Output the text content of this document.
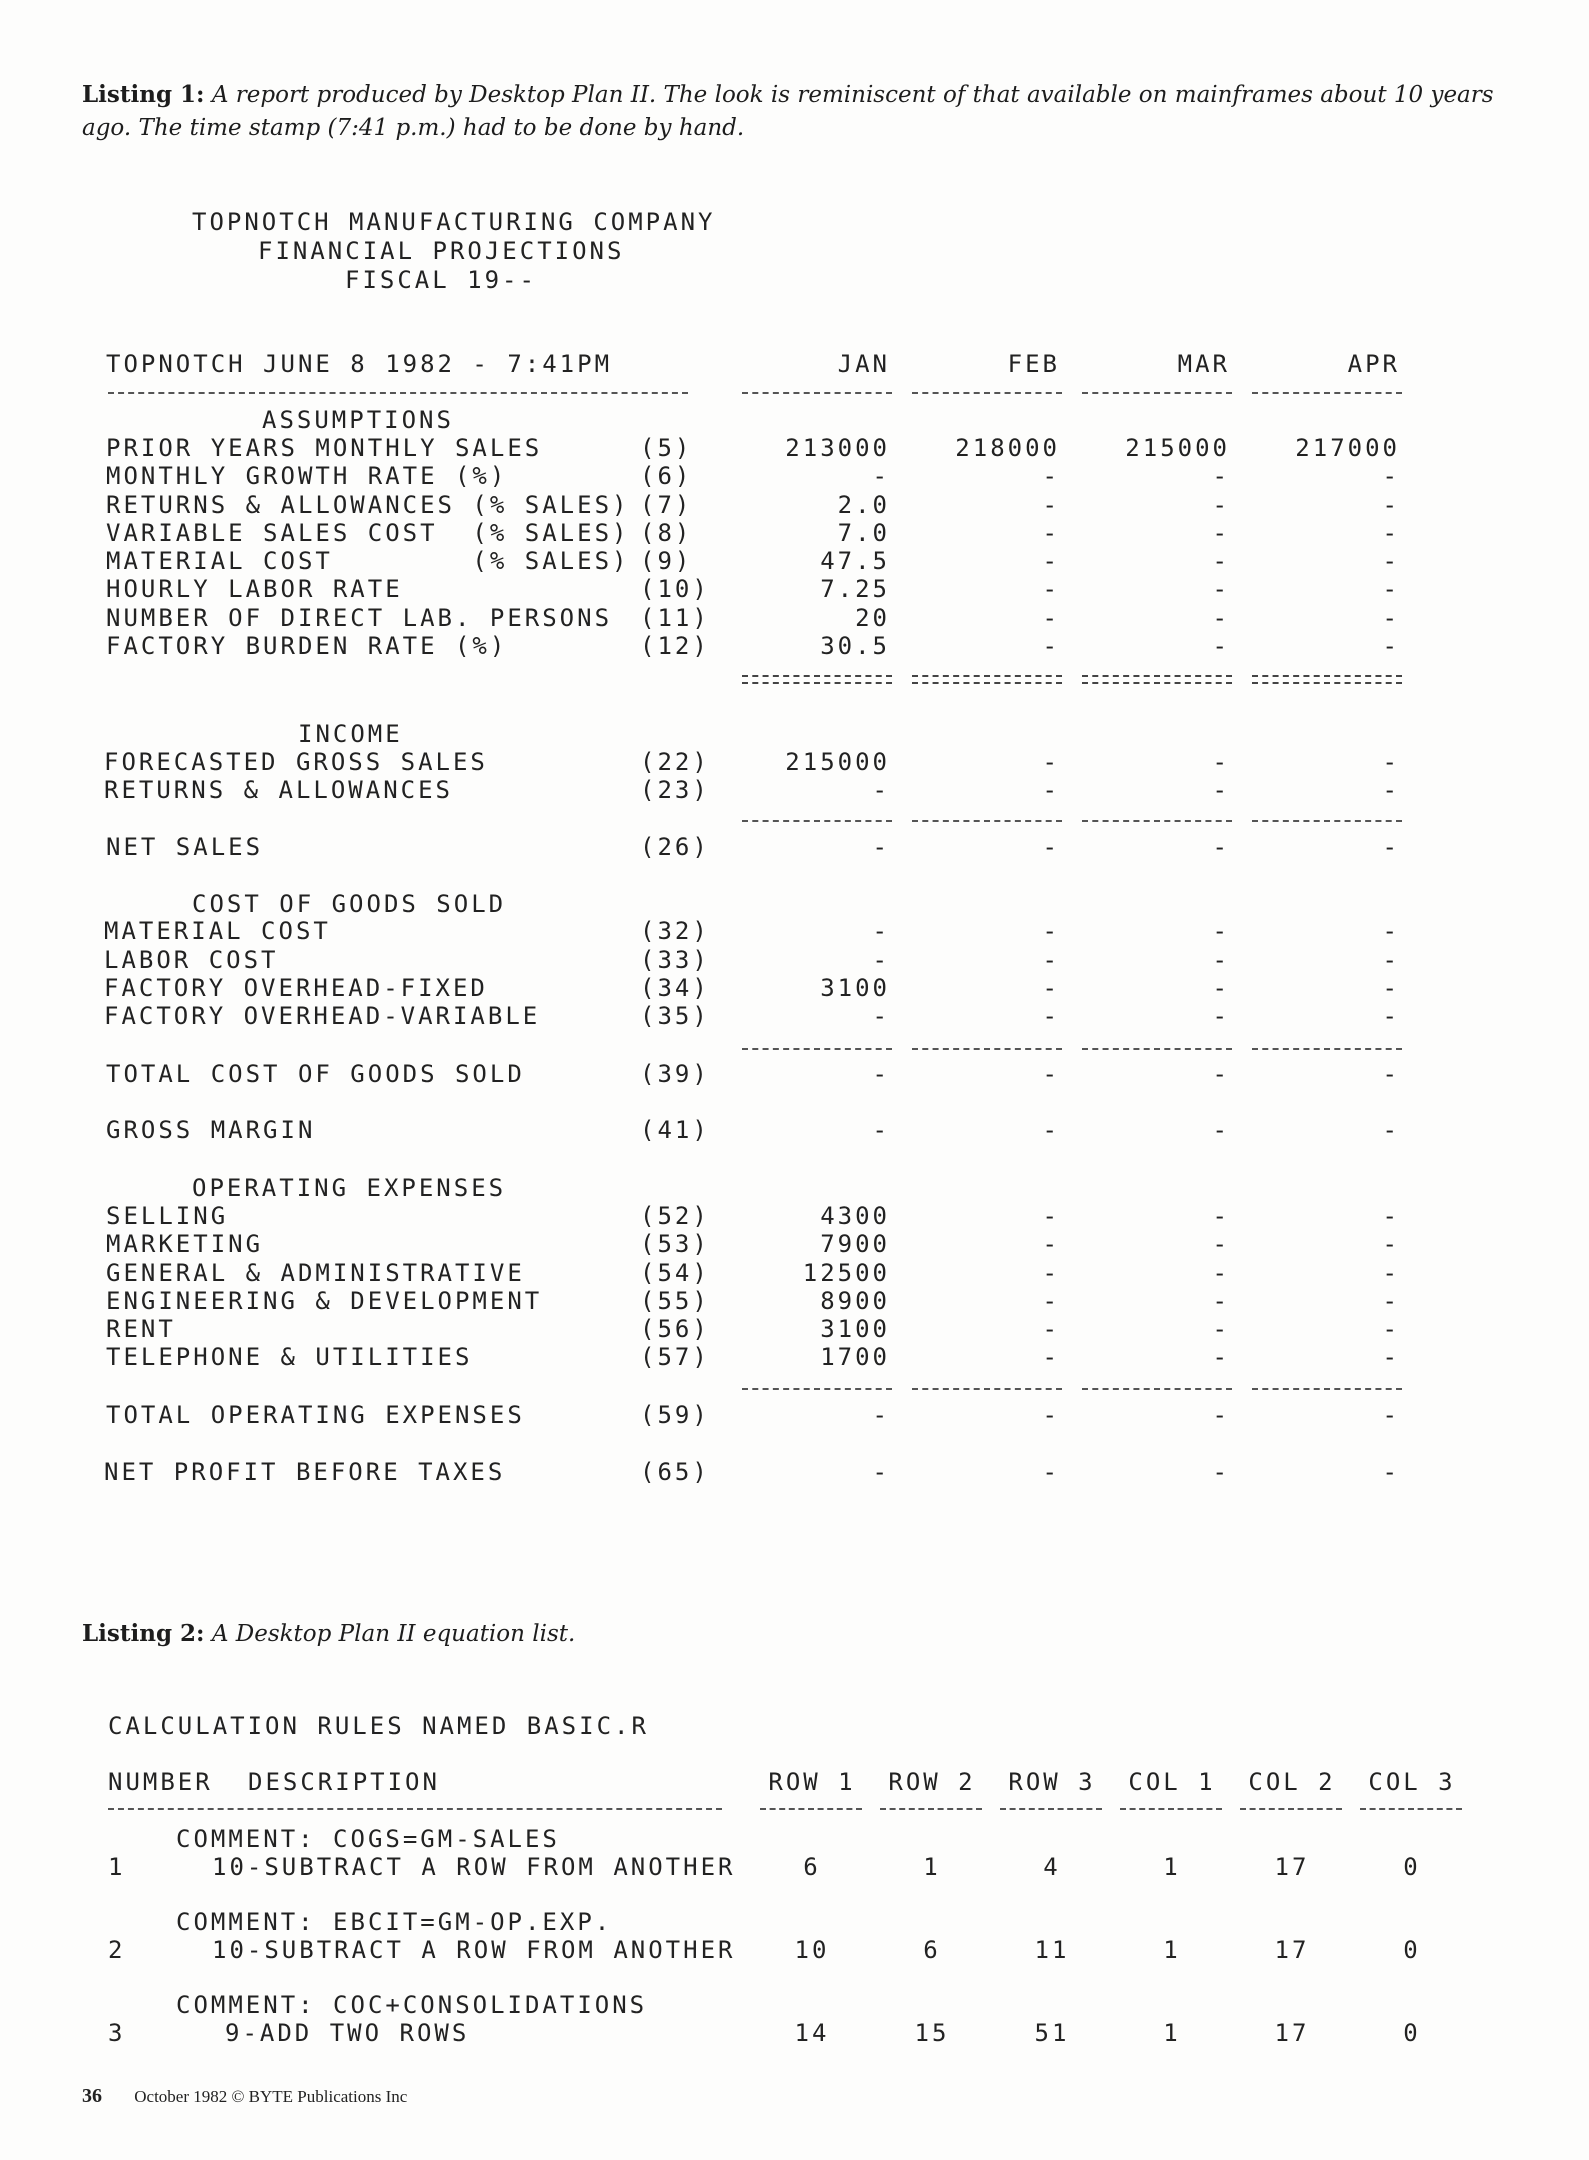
Listing 1: A report produced by Desktop Plan II. The look is reminiscent of that available on mainframes about 10 years ago. The time stamp (7:41 p.m.) had to be done by hand.
TOPNOTCH MANUFACTURING COMPANY
FINANCIAL PROJECTIONS
FISCAL 19--
TOPNOTCH JUNE 8 1982 - 7:41PM	JAN	FEB	MAR	APR
ASSUMPTIONS
INCOME
COST OF GOODS SOLD
OPERATING EXPENSES
PRIOR YEARS MONTHLY SALES	(5)	213000	218000	215000	217000
MONTHLY GROWTH RATE (%)	(6)	-	-	-	-
RETURNS & ALLOWANCES (% SALES) (7)	2.0	-	-	-
VARIABLE SALES COST  (% SALES) (8)	7.0	-	-	-
MATERIAL COST        (% SALES) (9)	47.5	-	-	-
HOURLY LABOR RATE	(10)	7.25	-	-	-
NUMBER OF DIRECT LAB. PERSONS (11)	20	-	-	-
FACTORY BURDEN RATE (%)	(12)	30.5	-	-	-
FORECASTED GROSS SALES	(22)	215000	-	-	-
RETURNS & ALLOWANCES	(23)	-	-	-	-
NET SALES	(26)	-	-	-	-
MATERIAL COST	(32)	-	-	-	-
LABOR COST	(33)	-	-	-	-
FACTORY OVERHEAD-FIXED	(34)	3100	-	-	-
FACTORY OVERHEAD-VARIABLE	(35)	-	-	-	-
TOTAL COST OF GOODS SOLD	(39)	-	-	-	-
GROSS MARGIN	(41)	-	-	-	-
SELLING	(52)	4300	-	-	-
MARKETING	(53)	7900	-	-	-
GENERAL & ADMINISTRATIVE	(54)	12500	-	-	-
ENGINEERING & DEVELOPMENT	(55)	8900	-	-	-
RENT	(56)	3100	-	-	-
TELEPHONE & UTILITIES	(57)	1700	-	-	-
TOTAL OPERATING EXPENSES	(59)	-	-	-	-
NET PROFIT BEFORE TAXES	(65)	-	-	-	-
Listing 2: A Desktop Plan II equation list.
CALCULATION RULES NAMED BASIC.R
NUMBER DESCRIPTION	ROW 1	ROW 2	ROW 3	COL 1	COL 2	COL 3
COMMENT: COGS=GM-SALES
1	10-SUBTRACT A ROW FROM ANOTHER	6	1	4	1	17	0
COMMENT: EBCIT=GM-OP.EXP.
2	10-SUBTRACT A ROW FROM ANOTHER	10	6	11	1	17	0
COMMENT: COC+CONSOLIDATIONS
3	9-ADD TWO ROWS	14	15	51	1	17	0
36 October 1982 © BYTE Publications Inc
